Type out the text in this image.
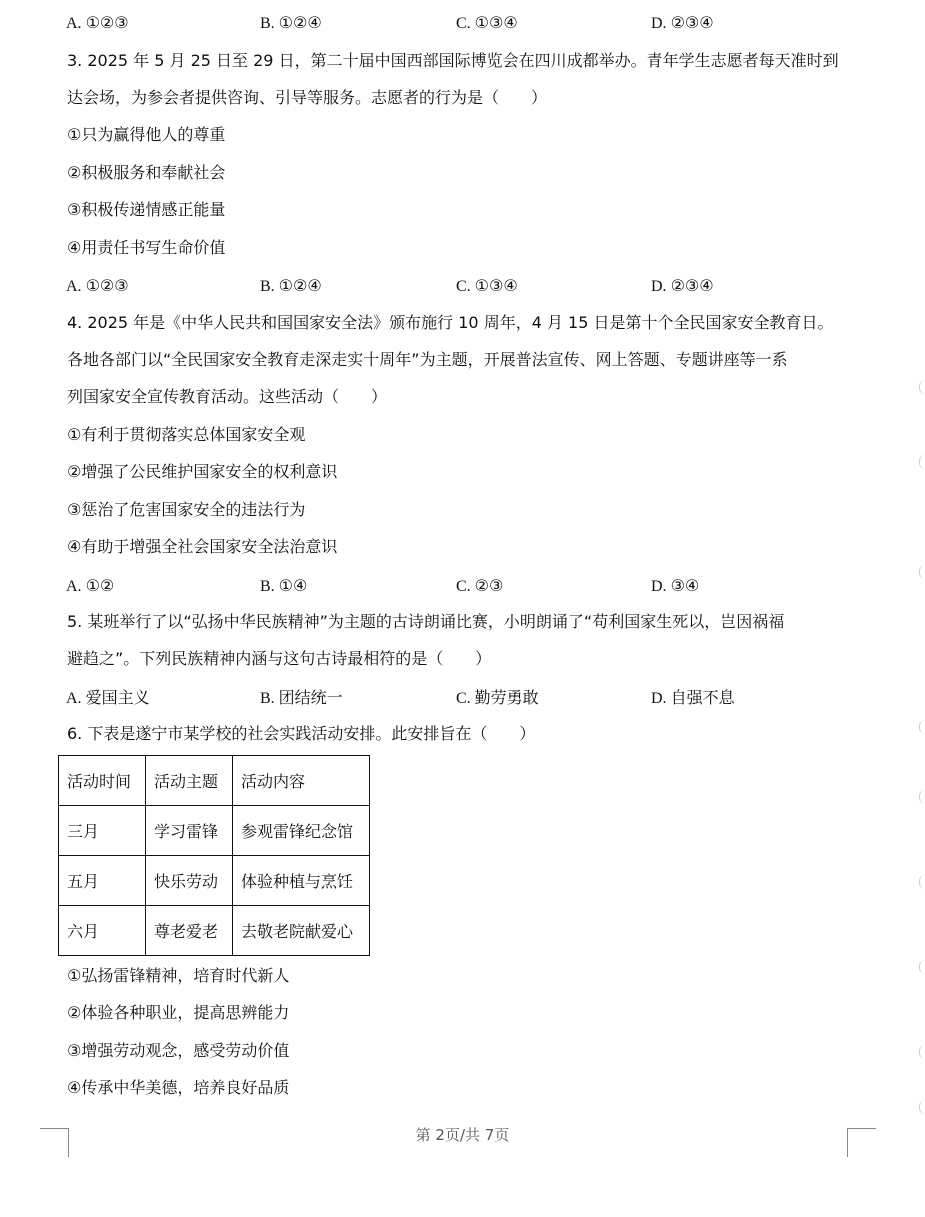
A. ①②③	B. ①②④	C. ①③④	D. ②③④
3. 2025 年 5 月 25 日至 29 日，第二十届中国西部国际博览会在四川成都举办。青年学生志愿者每天准时到
达会场，为参会者提供咨询、引导等服务。志愿者的行为是（　　）
①只为赢得他人的尊重
②积极服务和奉献社会
③积极传递情感正能量
④用责任书写生命价值
A. ①②③	B. ①②④	C. ①③④	D. ②③④
4. 2025 年是《中华人民共和国国家安全法》颁布施行 10 周年，4 月 15 日是第十个全民国家安全教育日。
各地各部门以“全民国家安全教育走深走实十周年”为主题，开展普法宣传、网上答题、专题讲座等一系
列国家安全宣传教育活动。这些活动（　　）
①有利于贯彻落实总体国家安全观
②增强了公民维护国家安全的权利意识
③惩治了危害国家安全的违法行为
④有助于增强全社会国家安全法治意识
A. ①②	B. ①④	C. ②③	D. ③④
5. 某班举行了以“弘扬中华民族精神”为主题的古诗朗诵比赛，小明朗诵了“苟利国家生死以，岂因祸福
避趋之”。下列民族精神内涵与这句古诗最相符的是（　　）
A. 爱国主义	B. 团结统一	C. 勤劳勇敢	D. 自强不息
6. 下表是遂宁市某学校的社会实践活动安排。此安排旨在（　　）
活动时间	活动主题	活动内容
三月	学习雷锋	参观雷锋纪念馆
五月	快乐劳动	体验种植与烹饪
六月	尊老爱老	去敬老院献爱心
①弘扬雷锋精神，培育时代新人
②体验各种职业，提高思辨能力
③增强劳动观念，感受劳动价值
④传承中华美德，培养良好品质
第 2页/共 7页
